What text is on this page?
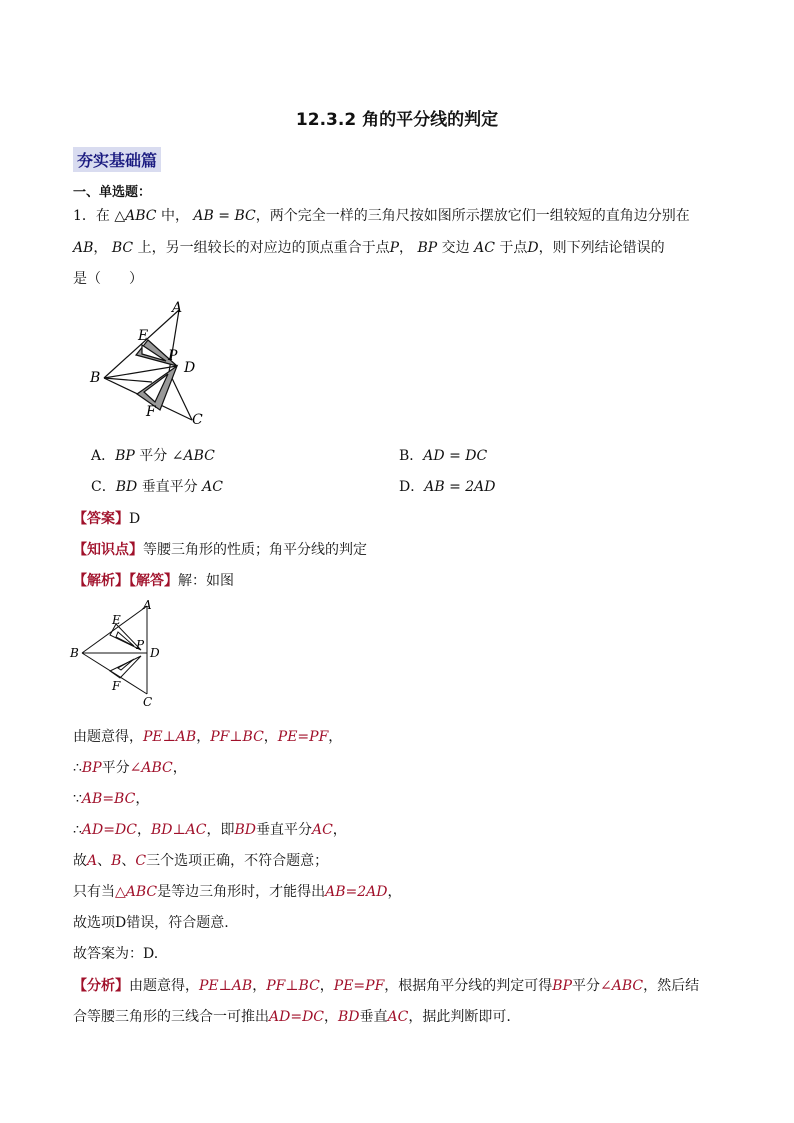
12.3.2 角的平分线的判定
夯实基础篇
一、单选题：
1．在 △ABC 中， AB = BC，两个完全一样的三角尺按如图所示摆放它们一组较短的直角边分别在
AB， BC 上，另一组较长的对应边的顶点重合于点P， BP 交边 AC 于点D，则下列结论错误的
是（　　）
A
E
P
D
B
F	C
A．BP 平分 ∠ABC	B．AD = DC
C．BD 垂直平分 AC	D．AB = 2AD
【答案】D
【知识点】等腰三角形的性质；角平分线的判定
【解析】【解答】解：如图
A
E
P
D
B
F
C
由题意得，PE⊥AB，PF⊥BC，PE=PF，
∴BP平分∠ABC，
∵AB=BC，
∴AD=DC，BD⊥AC，即BD垂直平分AC，
故A、B、C三个选项正确，不符合题意；
只有当△ABC是等边三角形时，才能得出AB=2AD，
故选项D错误，符合题意.
故答案为：D.
【分析】由题意得，PE⊥AB，PF⊥BC，PE=PF，根据角平分线的判定可得BP平分∠ABC，然后结
合等腰三角形的三线合一可推出AD=DC，BD垂直AC，据此判断即可.
